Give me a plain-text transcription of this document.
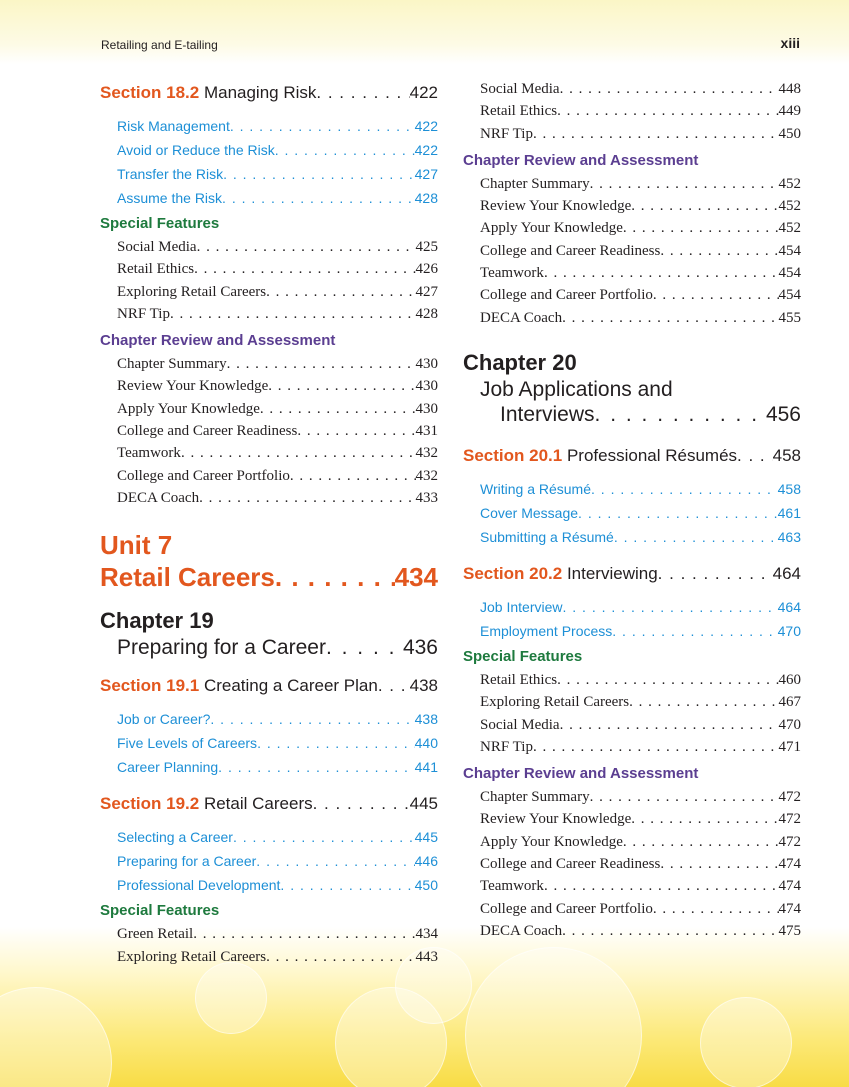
Retailing and E-tailing	xiii
Section 18.2 Managing Risk . . .	422
Risk Management . . .	422
Avoid or Reduce the Risk . . .	422
Transfer the Risk . . .	427
Assume the Risk . . .	428
Special Features
Social Media . . .	425
Retail Ethics . . .	426
Exploring Retail Careers . . .	427
NRF Tip . . .	428
Chapter Review and Assessment
Chapter Summary . . .	430
Review Your Knowledge . . .	430
Apply Your Knowledge . . .	430
College and Career Readiness . . .	431
Teamwork . . .	432
College and Career Portfolio . . .	432
DECA Coach . . .	433
Unit 7
Retail Careers . . .	434
Chapter 19
Preparing for a Career . . .	436
Section 19.1 Creating a Career Plan . . . 438
Job or Career? . . .	438
Five Levels of Careers . . .	440
Career Planning . . .	441
Section 19.2 Retail Careers . . .	445
Selecting a Career . . .	445
Preparing for a Career . . .	446
Professional Development . . .	450
Special Features
Green Retail . . .	434
Exploring Retail Careers . . .	443
Social Media . . .	448
Retail Ethics . . .	449
NRF Tip . . .	450
Chapter Review and Assessment
Chapter Summary . . .	452
Review Your Knowledge . . .	452
Apply Your Knowledge . . .	452
College and Career Readiness . . .	454
Teamwork . . .	454
College and Career Portfolio . . .	454
DECA Coach . . .	455
Chapter 20
Job Applications and
Interviews . . .	456
Section 20.1 Professional Résumés . . . 458
Writing a Résumé . . .	458
Cover Message . . .	461
Submitting a Résumé . . .	463
Section 20.2 Interviewing . . .	464
Job Interview . . .	464
Employment Process . . .	470
Special Features
Retail Ethics . . .	460
Exploring Retail Careers . . .	467
Social Media . . .	470
NRF Tip . . .	471
Chapter Review and Assessment
Chapter Summary . . .	472
Review Your Knowledge . . .	472
Apply Your Knowledge . . .	472
College and Career Readiness . . .	474
Teamwork . . .	474
College and Career Portfolio . . .	474
DECA Coach . . .	475
